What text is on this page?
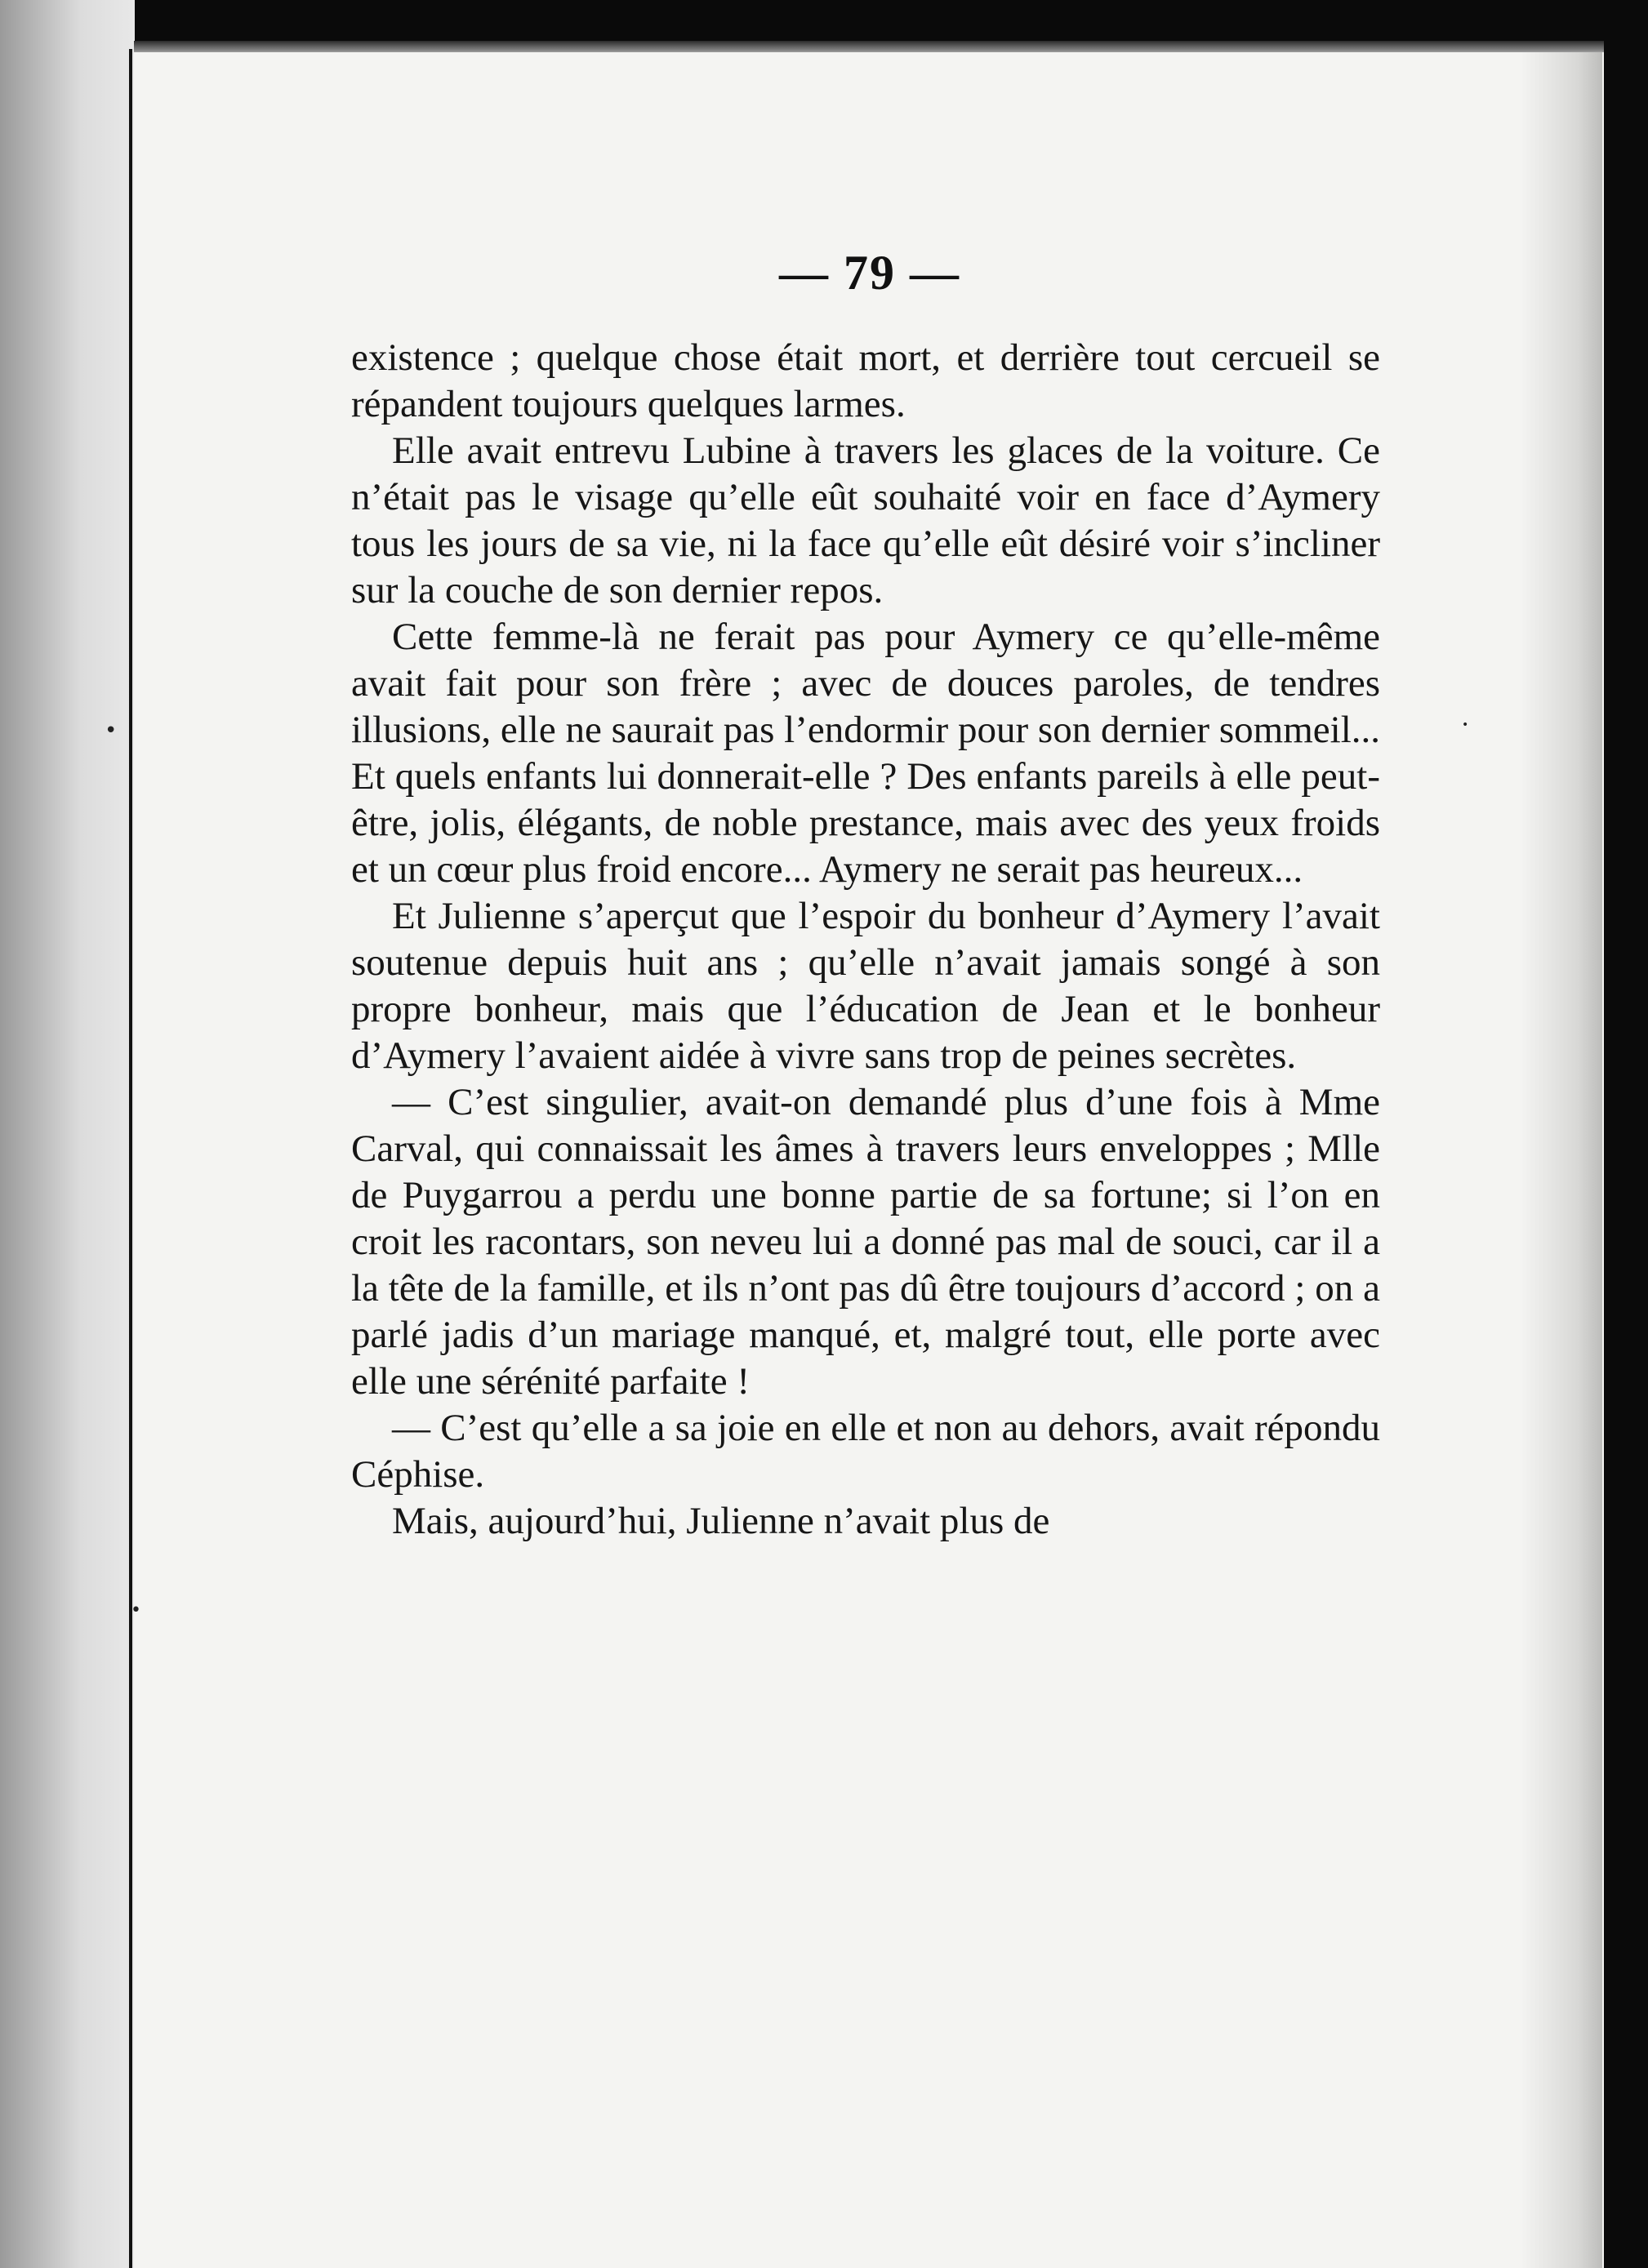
•
•
•
— 79 —

existence ; quelque chose était mort, et derrière tout cercueil se répandent toujours quelques larmes.

Elle avait entrevu Lubine à travers les glaces de la voiture. Ce n’était pas le visage qu’elle eût souhaité voir en face d’Aymery tous les jours de sa vie, ni la face qu’elle eût désiré voir s’incliner sur la couche de son dernier repos.

Cette femme-là ne ferait pas pour Aymery ce qu’elle-même avait fait pour son frère ; avec de douces paroles, de tendres illusions, elle ne saurait pas l’endormir pour son dernier sommeil... Et quels enfants lui donnerait-elle ? Des enfants pareils à elle peut-être, jolis, élégants, de noble prestance, mais avec des yeux froids et un cœur plus froid encore... Aymery ne serait pas heureux...

Et Julienne s’aperçut que l’espoir du bonheur d’Aymery l’avait soutenue depuis huit ans ; qu’elle n’avait jamais songé à son propre bonheur, mais que l’éducation de Jean et le bonheur d’Aymery l’avaient aidée à vivre sans trop de peines secrètes.

— C’est singulier, avait-on demandé plus d’une fois à Mme Carval, qui connaissait les âmes à travers leurs enveloppes ; Mlle de Puygarrou a perdu une bonne partie de sa fortune; si l’on en croit les racontars, son neveu lui a donné pas mal de souci, car il a la tête de la famille, et ils n’ont pas dû être toujours d’accord ; on a parlé jadis d’un mariage manqué, et, malgré tout, elle porte avec elle une sérénité parfaite !

— C’est qu’elle a sa joie en elle et non au dehors, avait répondu Céphise.

Mais, aujourd’hui, Julienne n’avait plus de
